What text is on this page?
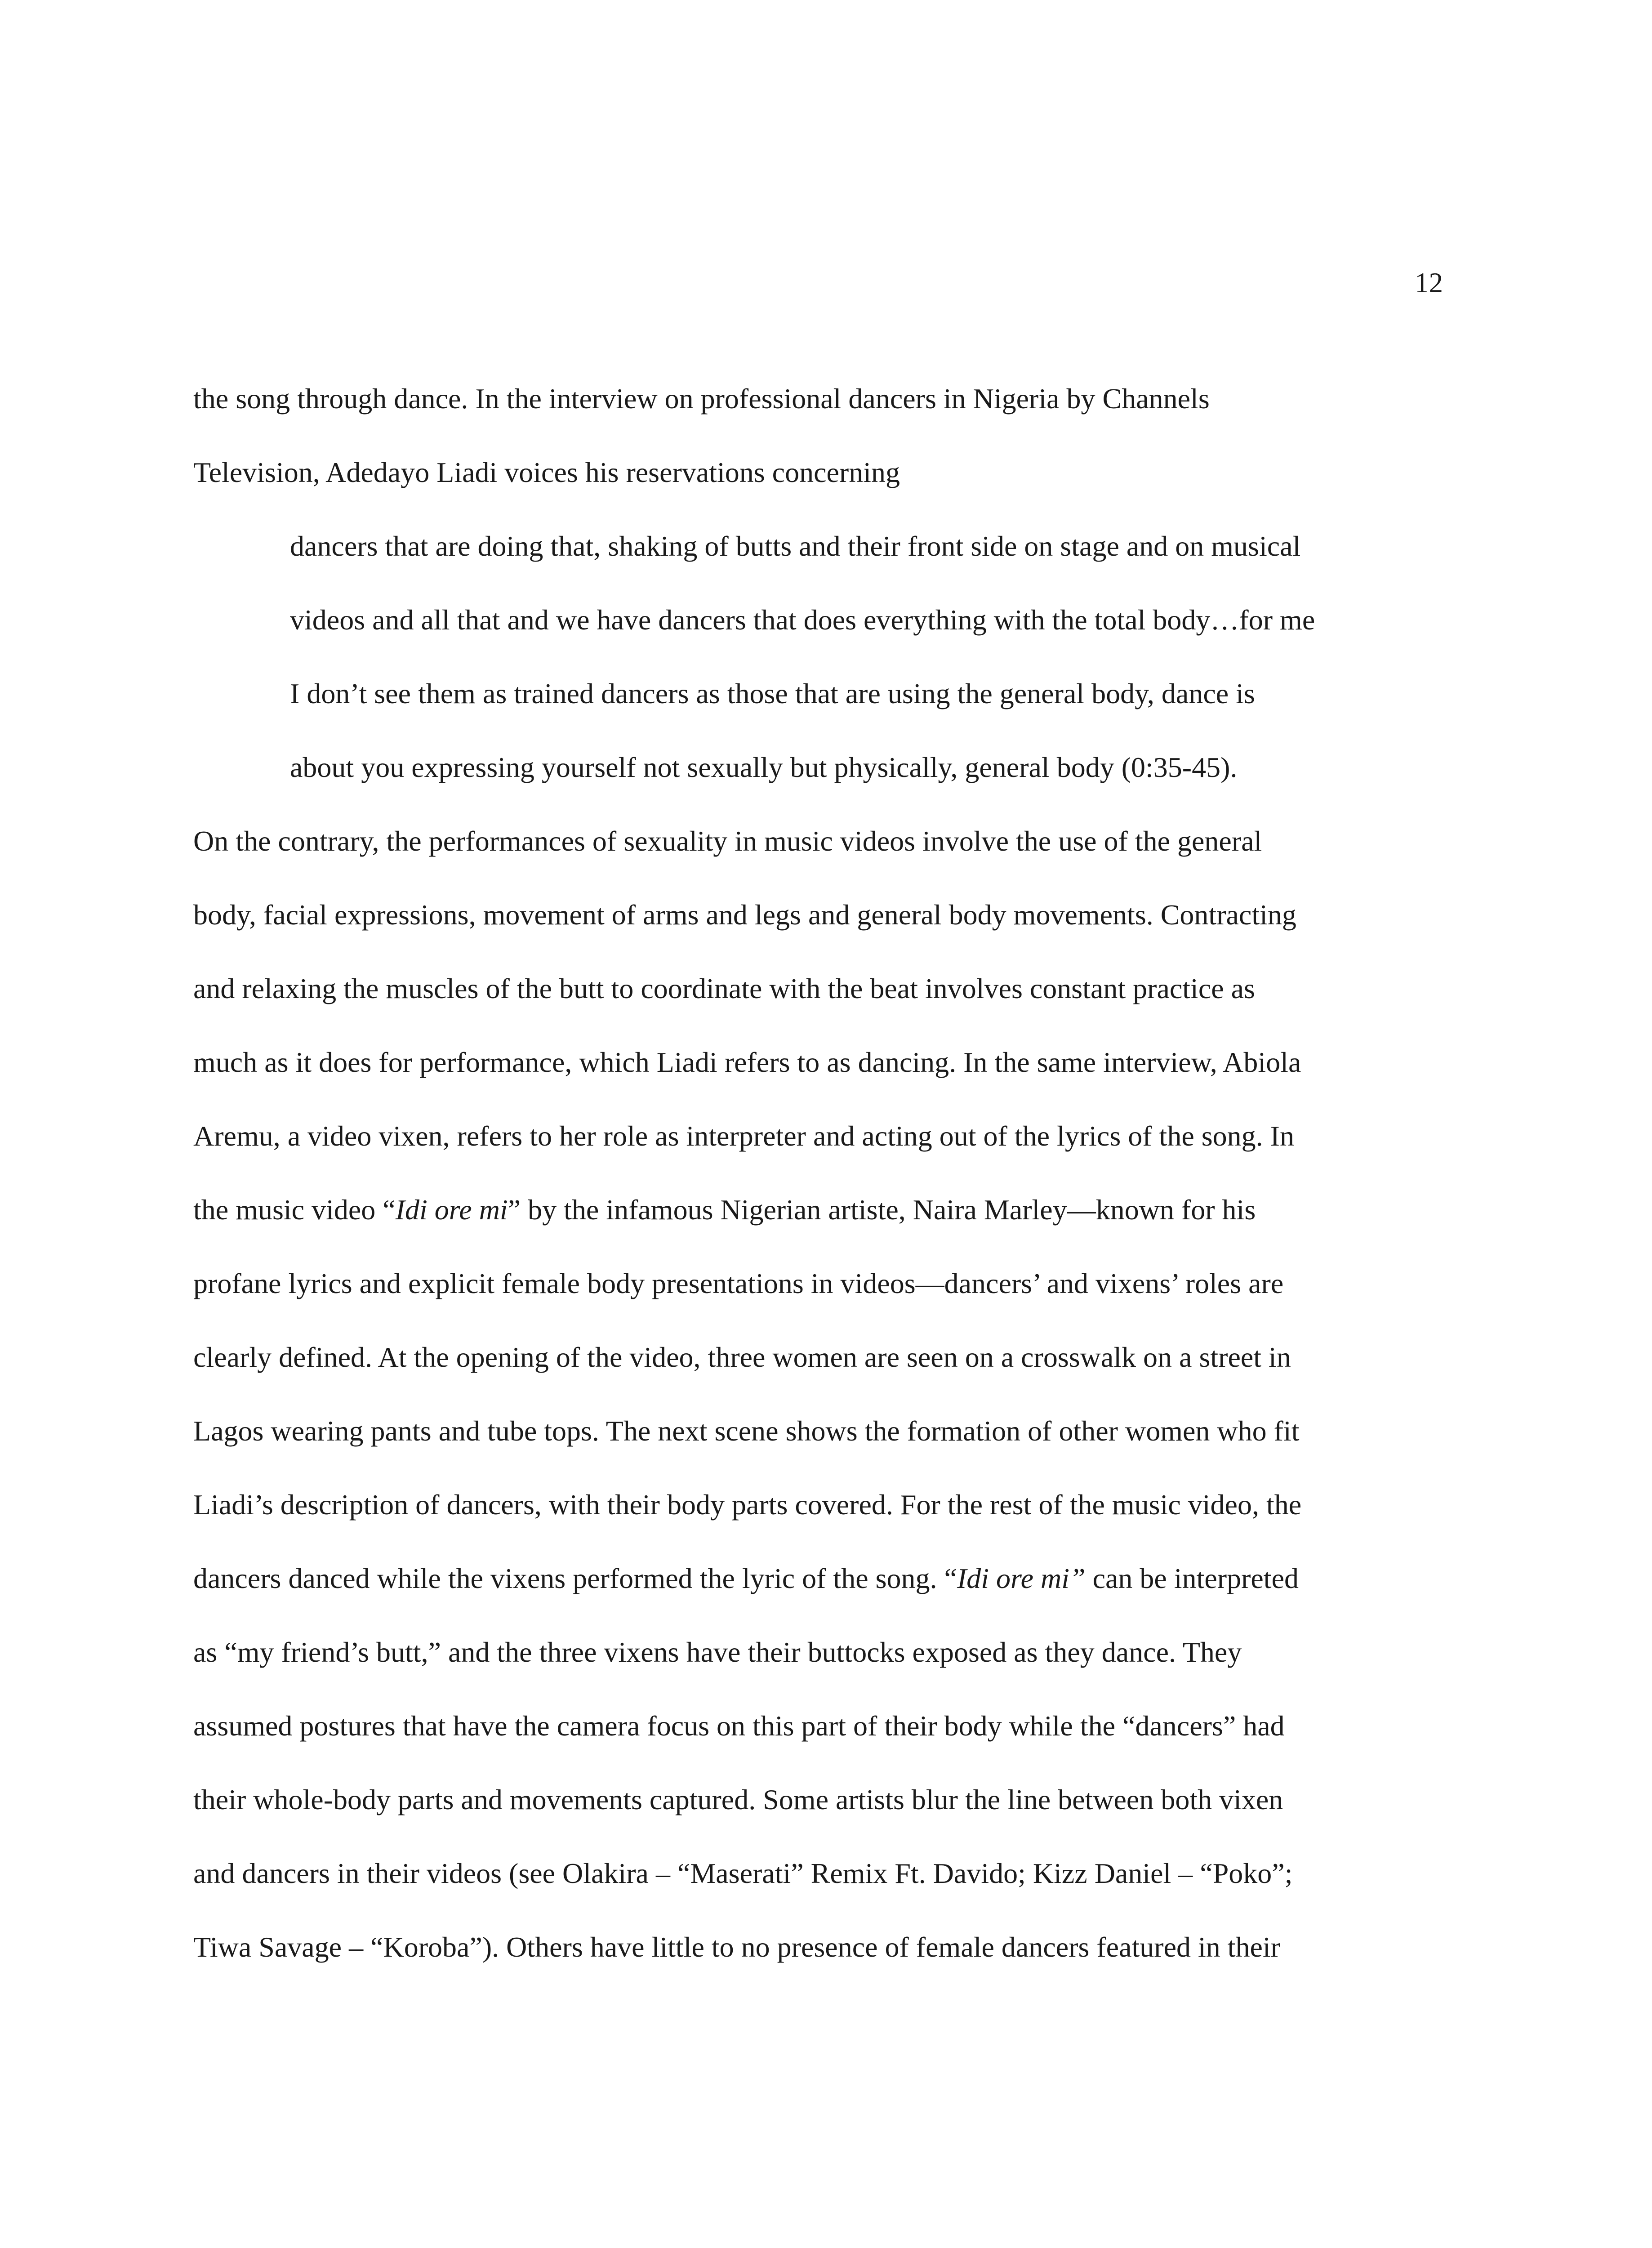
12
the song through dance. In the interview on professional dancers in Nigeria by Channels
Television, Adedayo Liadi voices his reservations concerning
dancers that are doing that, shaking of butts and their front side on stage and on musical
videos and all that and we have dancers that does everything with the total body…for me
I don’t see them as trained dancers as those that are using the general body, dance is
about you expressing yourself not sexually but physically, general body (0:35-45).
On the contrary, the performances of sexuality in music videos involve the use of the general
body, facial expressions, movement of arms and legs and general body movements. Contracting
and relaxing the muscles of the butt to coordinate with the beat involves constant practice as
much as it does for performance, which Liadi refers to as dancing. In the same interview, Abiola
Aremu, a video vixen, refers to her role as interpreter and acting out of the lyrics of the song. In
the music video “Idi ore mi” by the infamous Nigerian artiste, Naira Marley—known for his
profane lyrics and explicit female body presentations in videos—dancers’ and vixens’ roles are
clearly defined. At the opening of the video, three women are seen on a crosswalk on a street in
Lagos wearing pants and tube tops. The next scene shows the formation of other women who fit
Liadi’s description of dancers, with their body parts covered. For the rest of the music video, the
dancers danced while the vixens performed the lyric of the song. “Idi ore mi” can be interpreted
as “my friend’s butt,” and the three vixens have their buttocks exposed as they dance. They
assumed postures that have the camera focus on this part of their body while the “dancers” had
their whole-body parts and movements captured. Some artists blur the line between both vixen
and dancers in their videos (see Olakira – “Maserati” Remix Ft. Davido; Kizz Daniel – “Poko”;
Tiwa Savage – “Koroba”). Others have little to no presence of female dancers featured in their
